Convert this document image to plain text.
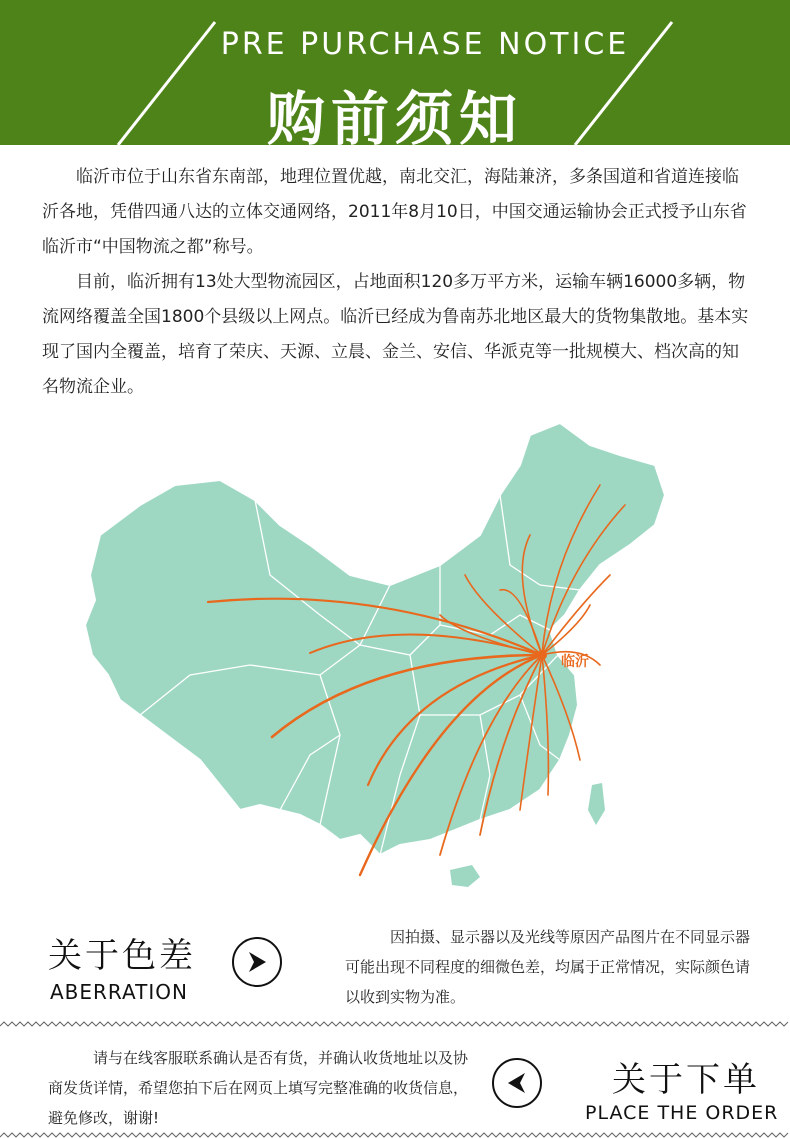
PRE PURCHASE NOTICE
购前须知

临沂市位于山东省东南部，地理位置优越，南北交汇，海陆兼济，多条国道和省道连接临沂各地，凭借四通八达的立体交通网络，2011年8月10日，中国交通运输协会正式授予山东省临沂市“中国物流之都”称号。

目前，临沂拥有13处大型物流园区，占地面积120多万平方米，运输车辆16000多辆，物流网络覆盖全国1800个县级以上网点。临沂已经成为鲁南苏北地区最大的货物集散地。基本实现了国内全覆盖，培育了荣庆、天源、立晨、金兰、安信、华派克等一批规模大、档次高的知名物流企业。

临沂
关于色差
ABERRATION

因拍摄、显示器以及光线等原因产品图片在不同显示器可能出现不同程度的细微色差，均属于正常情况，实际颜色请以收到实物为准。

请与在线客服联系确认是否有货，并确认收货地址以及协商发货详情，希望您拍下后在网页上填写完整准确的收货信息，避免修改，谢谢!
关于下单
PLACE THE ORDER
